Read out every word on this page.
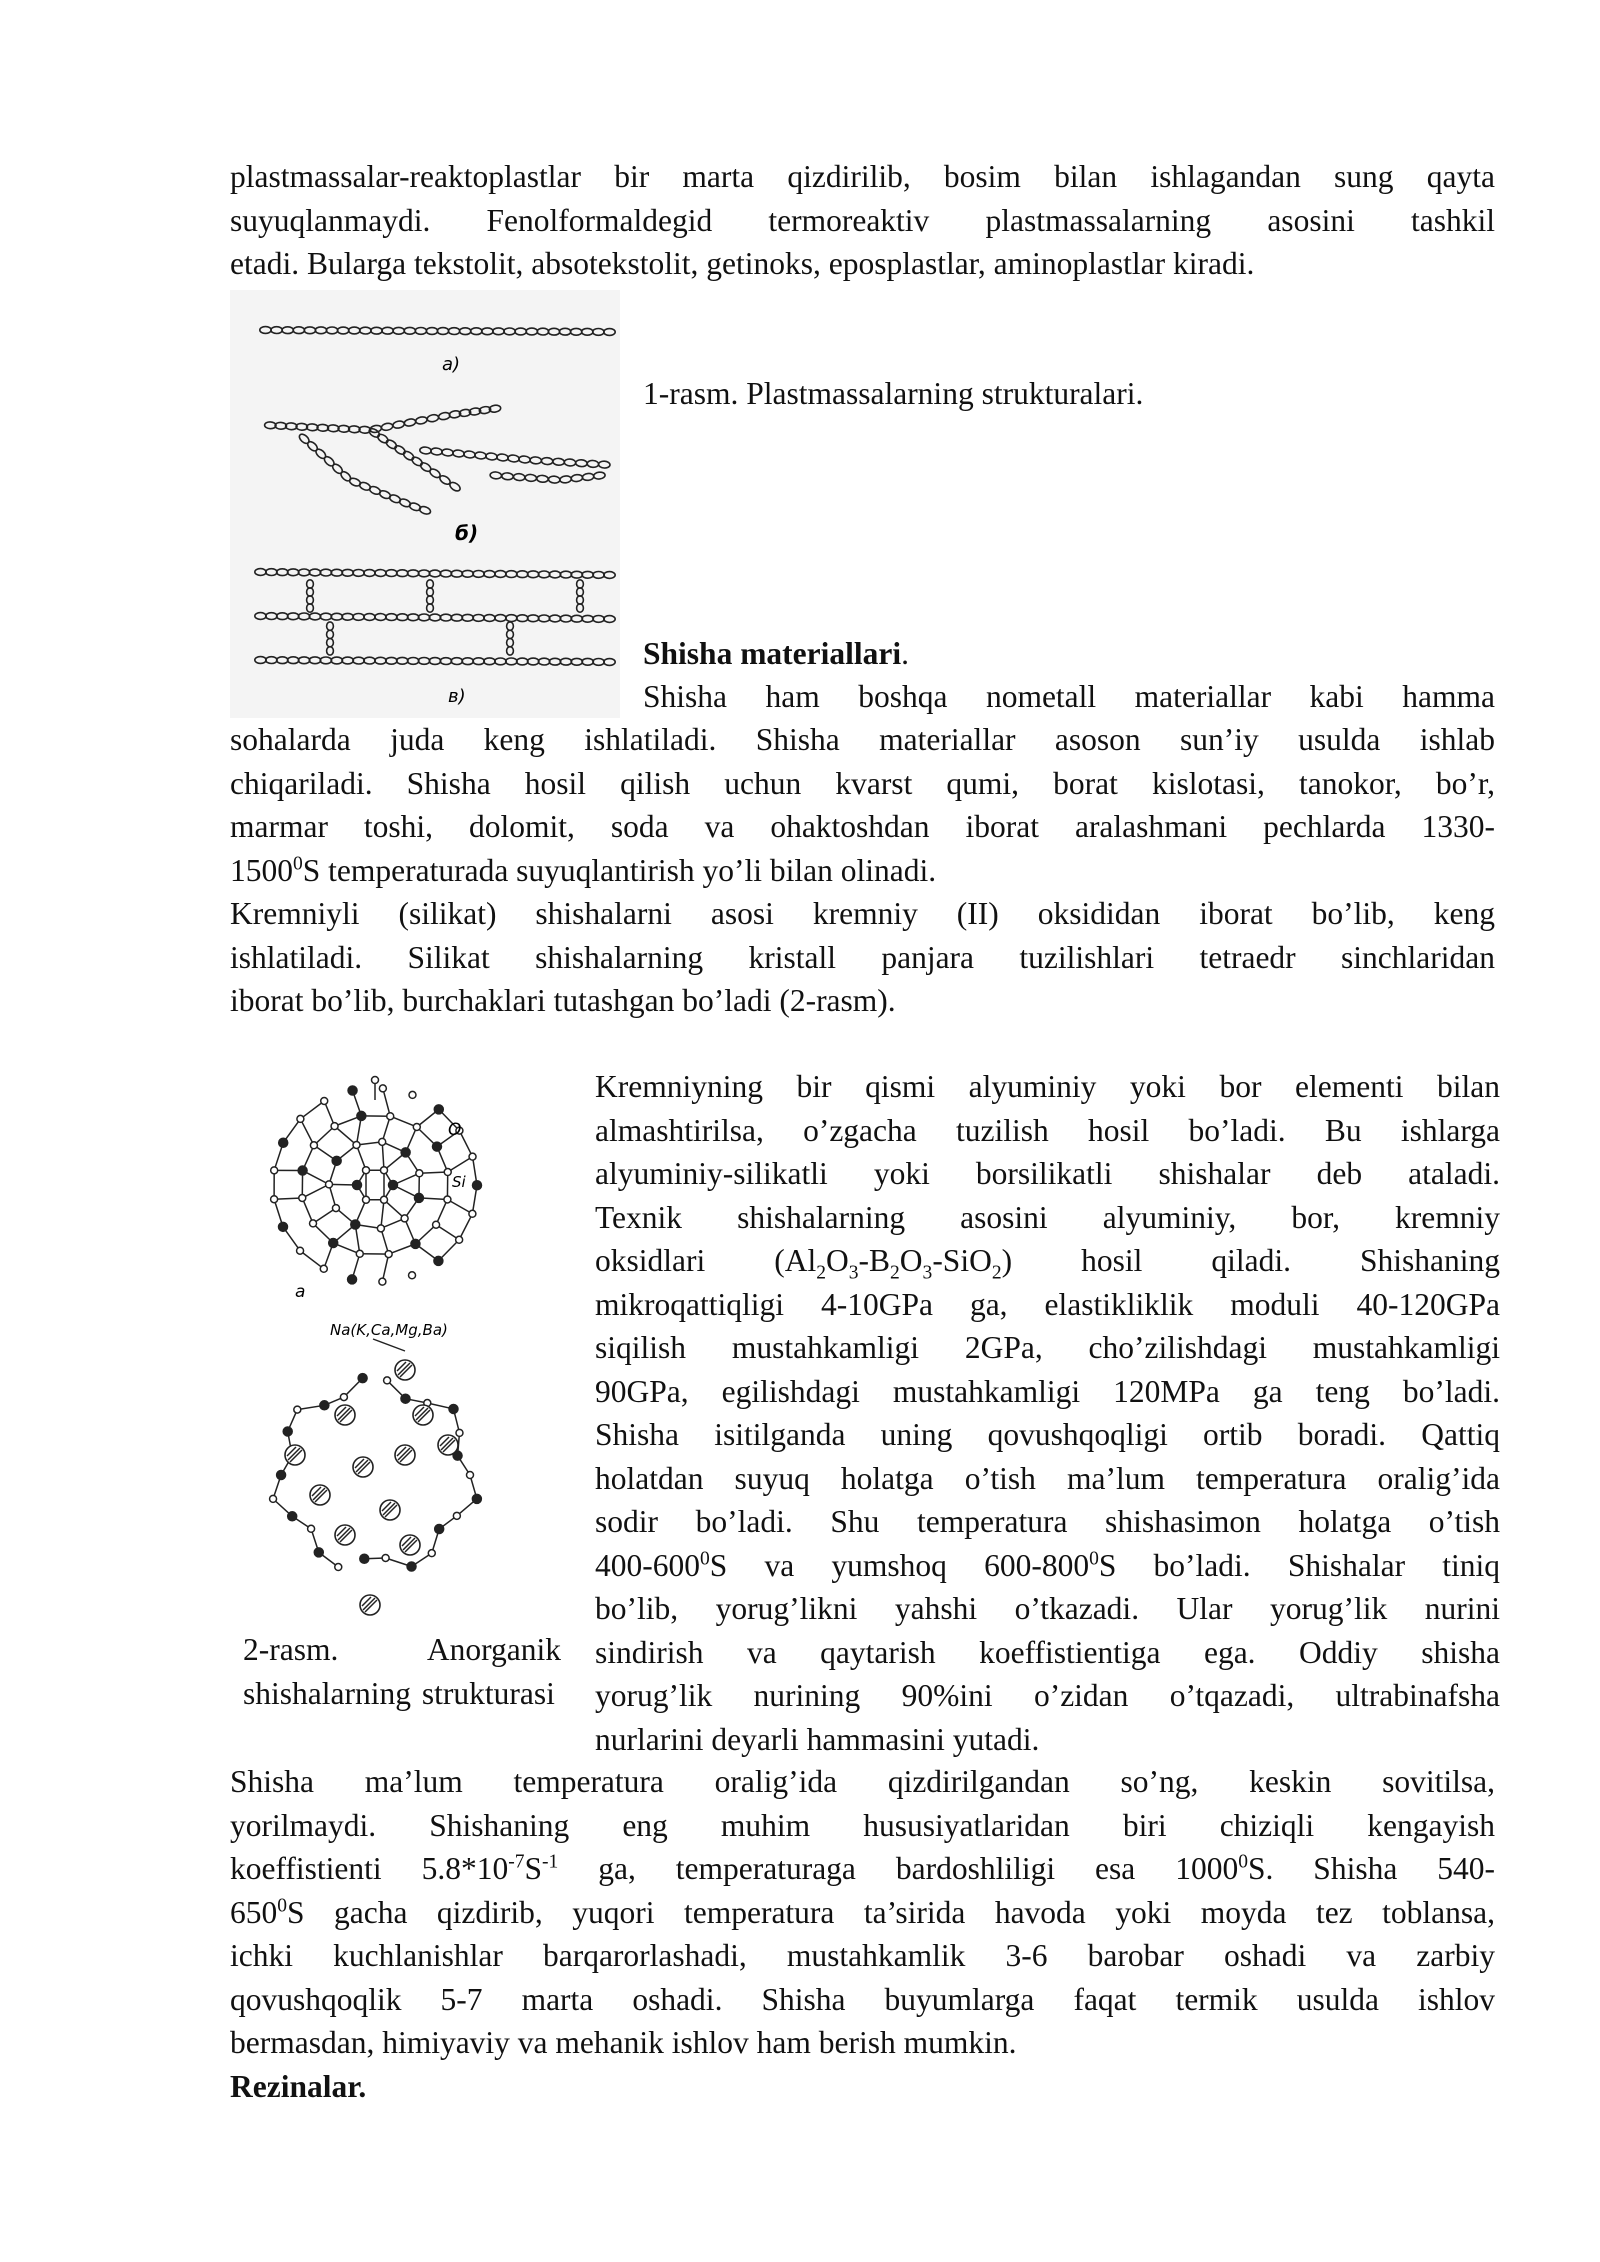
plastmassalar-reaktoplastlar bir marta qizdirilib, bosim bilan ishlagandan sung qayta
suyuqlanmaydi. Fenolformaldegid termoreaktiv plastmassalarning asosini tashkil
etadi. Bularga tekstolit, absotekstolit, getinoks, eposplastlar, aminoplastlar kiradi.
a)
б)
в)
1-rasm. Plastmassalarning strukturalari.
Shisha materiallari.
Shisha ham boshqa nometall materiallar kabi hamma
sohalarda juda keng ishlatiladi. Shisha materiallar asoson sun’iy usulda ishlab
chiqariladi. Shisha hosil qilish uchun kvarst qumi, borat kislotasi, tanokor, bo’r,
marmar toshi, dolomit, soda va ohaktoshdan iborat aralashmani pechlarda 1330-
1500$^0$S temperaturada suyuqlantirish yo’li bilan olinadi.
Kremniyli (silikat) shishalarni asosi kremniy (II) oksididan iborat bo’lib, keng
ishlatiladi. Silikat shishalarning kristall panjara tuzilishlari tetraedr sinchlaridan
iborat bo’lib, burchaklari tutashgan bo’ladi (2-rasm).
O
Si
a
Na(K,Ca,Mg,Ba)
2-rasm. Anorganik shishalarning strukturasi
Kremniyning bir qismi alyuminiy yoki bor elementi bilan
almashtirilsa, o’zgacha tuzilish hosil bo’ladi. Bu ishlarga
alyuminiy-silikatli yoki borsilikatli shishalar deb ataladi.
Texnik shishalarning asosini alyuminiy, bor, kremniy
oksidlari $(Al_2O_3-B_2O_3-SiO_2)$ hosil qiladi. Shishaning
mikroqattiqligi 4-10GPa ga, elastikliklik moduli 40-120GPa
siqilish mustahkamligi 2GPa, cho’zilishdagi mustahkamligi
90GPa, egilishdagi mustahkamligi 120MPa ga teng bo’ladi.
Shisha isitilganda uning qovushqoqligi ortib boradi. Qattiq
holatdan suyuq holatga o’tish ma’lum temperatura oralig’ida
sodir bo’ladi. Shu temperatura shishasimon holatga o’tish
$400-600^0S$ va yumshoq $600-800^0S$ bo’ladi. Shishalar tiniq
bo’lib, yorug’likni yahshi o’tkazadi. Ular yorug’lik nurini
sindirish va qaytarish koeffistientiga ega. Oddiy shisha
yorug’lik nurining 90%ini o’zidan o’tqazadi, ultrabinafsha
nurlarini deyarli hammasini yutadi.
Shisha ma’lum temperatura oralig’ida qizdirilgandan so’ng, keskin sovitilsa,
yorilmaydi. Shishaning eng muhim hususiyatlaridan biri chiziqli kengayish
koeffistienti $5.8*10^{-7}S^{-1}$ ga, temperaturaga bardoshliligi esa 1000$^0$S. Shisha 540-
$650^0S$ gacha qizdirib, yuqori temperatura ta’sirida havoda yoki moyda tez toblansa,
ichki kuchlanishlar barqarorlashadi, mustahkamlik 3-6 barobar oshadi va zarbiy
qovushqoqlik 5-7 marta oshadi. Shisha buyumlarga faqat termik usulda ishlov
bermasdan, himiyaviy va mehanik ishlov ham berish mumkin.
Rezinalar.
